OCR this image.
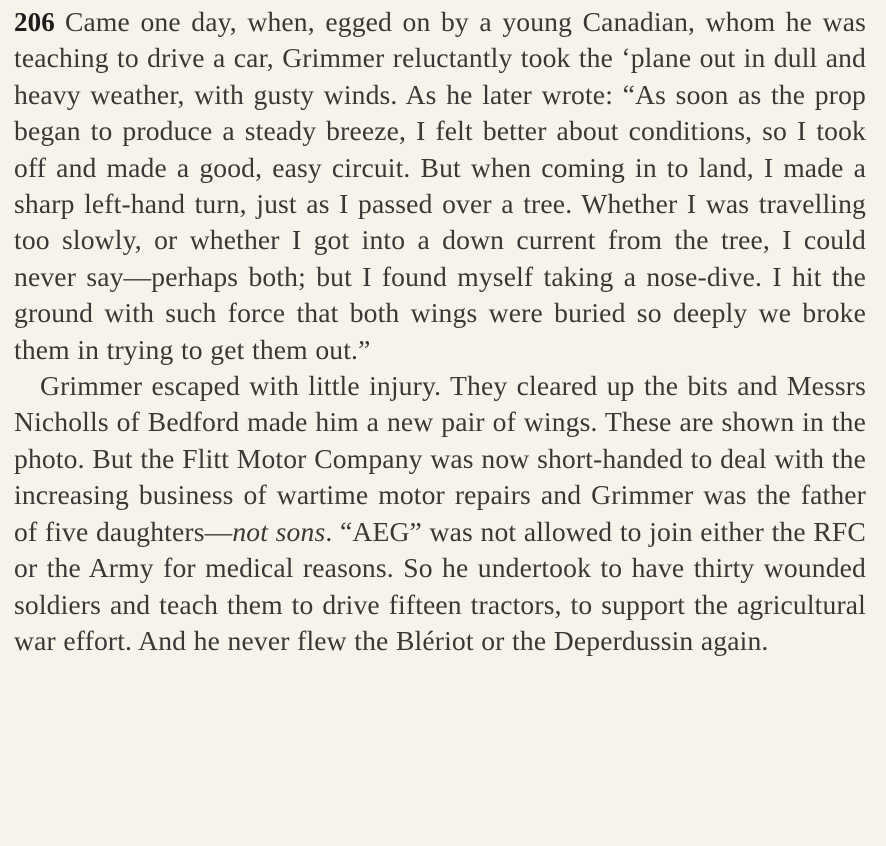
206 Came one day, when, egged on by a young Canadian, whom he was teaching to drive a car, Grimmer reluctantly took the ‘plane out in dull and heavy weather, with gusty winds. As he later wrote: “As soon as the prop began to produce a steady breeze, I felt better about conditions, so I took off and made a good, easy circuit. But when coming in to land, I made a sharp left-hand turn, just as I passed over a tree. Whether I was travelling too slowly, or whether I got into a down current from the tree, I could never say—perhaps both; but I found myself taking a nose-dive. I hit the ground with such force that both wings were buried so deeply we broke them in trying to get them out.”

Grimmer escaped with little injury. They cleared up the bits and Messrs Nicholls of Bedford made him a new pair of wings. These are shown in the photo. But the Flitt Motor Company was now short-handed to deal with the increasing business of wartime motor repairs and Grimmer was the father of five daughters—not sons. “AEG” was not allowed to join either the RFC or the Army for medical reasons. So he undertook to have thirty wounded soldiers and teach them to drive fifteen tractors, to support the agricultural war effort. And he never flew the Blériot or the Deperdussin again.
